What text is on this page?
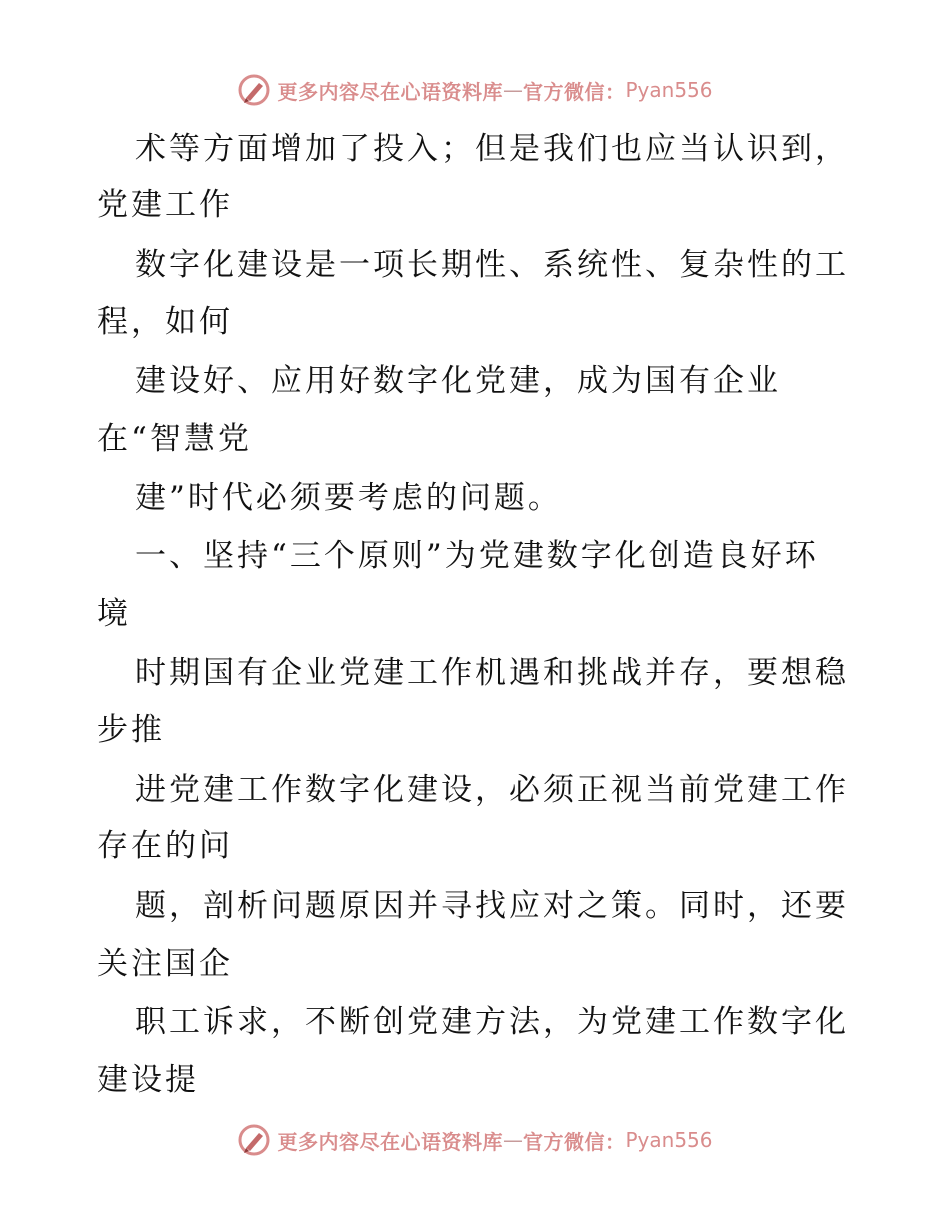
更多内容尽在心语资料库 — 官方微信： Pyan556
术等方面增加了投入；但是我们也应当认识到，
党建工作
数字化建设是一项长期性、系统性、复杂性的工
程，如何
建设好、应用好数字化党建，成为国有企业
在“智慧党
建”时代必须要考虑的问题。
一、坚持“三个原则”为党建数字化创造良好环
境
时期国有企业党建工作机遇和挑战并存，要想稳
步推
进党建工作数字化建设，必须正视当前党建工作
存在的问
题，剖析问题原因并寻找应对之策。同时，还要
关注国企
职工诉求，不断创党建方法，为党建工作数字化
建设提
更多内容尽在心语资料库 — 官方微信： Pyan556
